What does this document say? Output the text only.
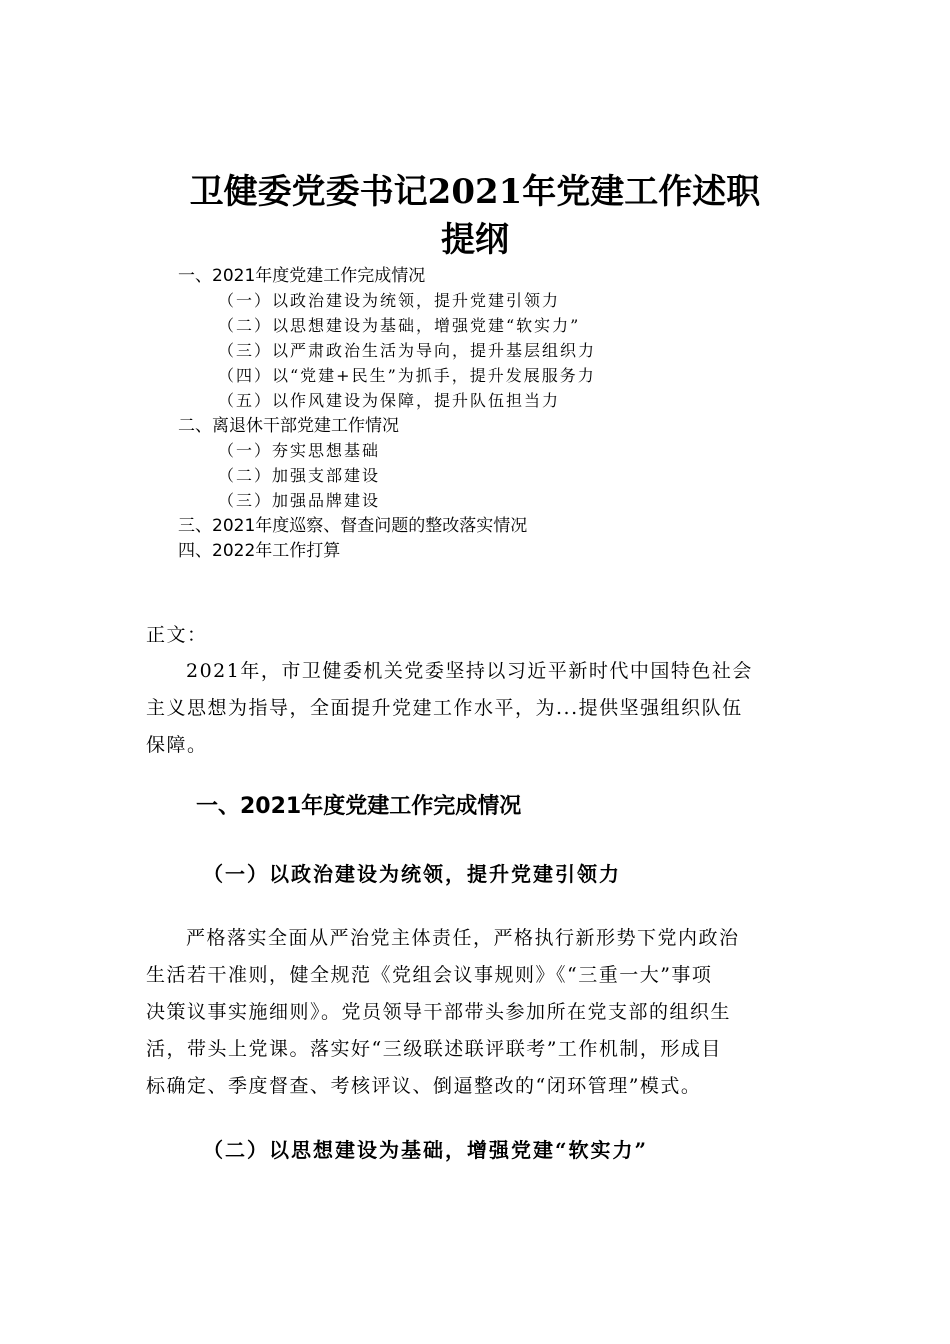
卫健委党委书记2021年党建工作述职
提纲
一、2021年度党建工作完成情况
（一）以政治建设为统领，提升党建引领力
（二）以思想建设为基础，增强党建“软实力”
（三）以严肃政治生活为导向，提升基层组织力
（四）以“党建+民生”为抓手，提升发展服务力
（五）以作风建设为保障，提升队伍担当力
二、离退休干部党建工作情况
（一）夯实思想基础
（二）加强支部建设
（三）加强品牌建设
三、2021年度巡察、督查问题的整改落实情况
四、2022年工作打算
正文：
2021年，市卫健委机关党委坚持以习近平新时代中国特色社会
主义思想为指导，全面提升党建工作水平，为...提供坚强组织队伍
保障。
一、2021年度党建工作完成情况
（一）以政治建设为统领，提升党建引领力
严格落实全面从严治党主体责任，严格执行新形势下党内政治
生活若干准则，健全规范《党组会议事规则》《“三重一大”事项
决策议事实施细则》。党员领导干部带头参加所在党支部的组织生
活，带头上党课。落实好“三级联述联评联考”工作机制，形成目
标确定、季度督查、考核评议、倒逼整改的“闭环管理”模式。
（二）以思想建设为基础，增强党建“软实力”
